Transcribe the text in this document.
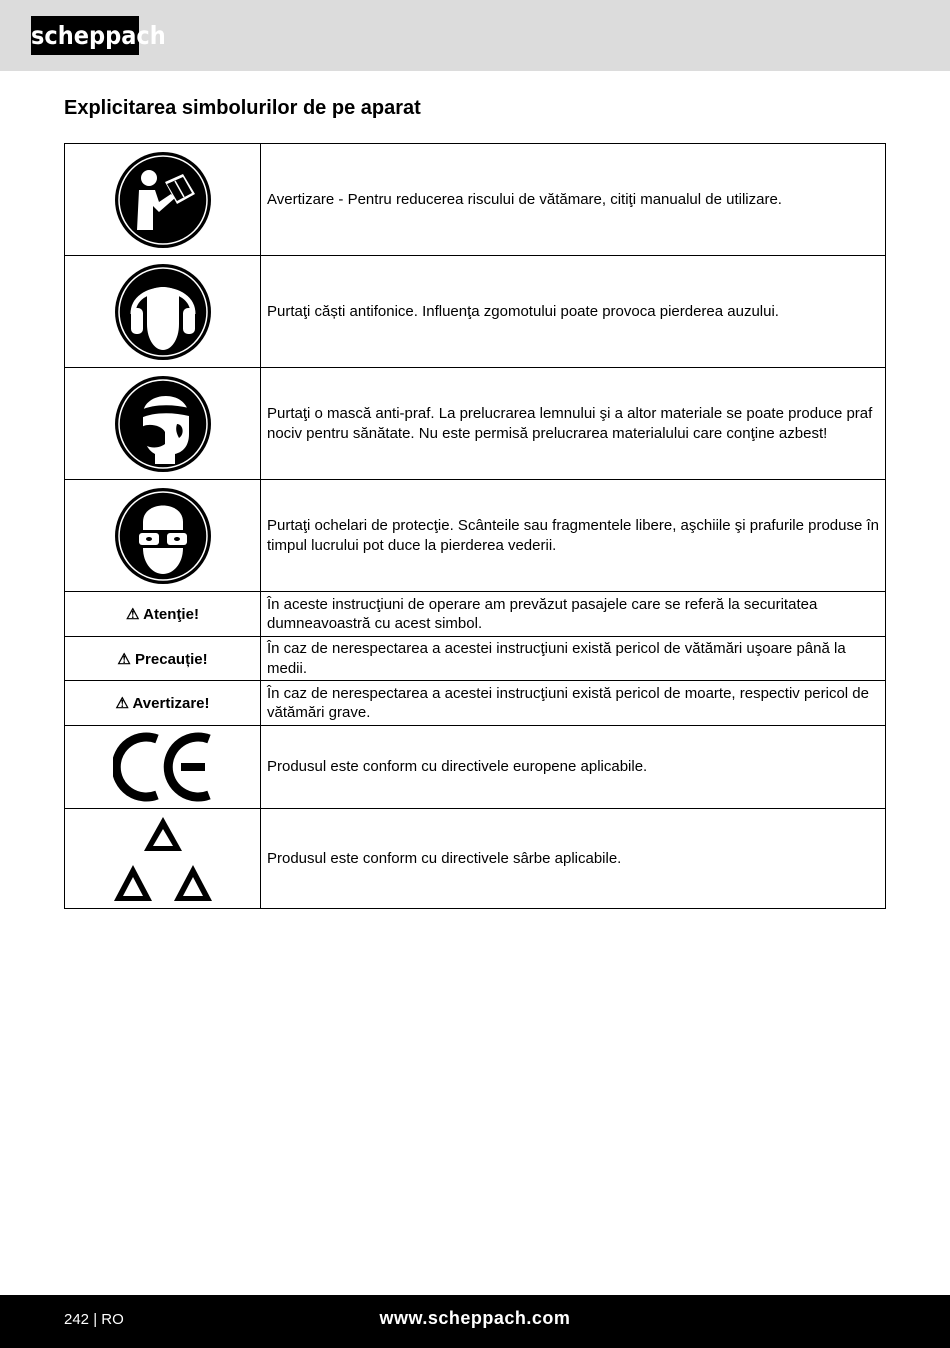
scheppach
Explicitarea simbolurilor de pe aparat
	Avertizare - Pentru reducerea riscului de vătămare, citiţi manualul de utilizare.

	Purtaţi căști antifonice. Influenţa zgomotului poate provoca pierderea auzului.

	Purtaţi o mască anti-praf. La prelucrarea lemnului şi a altor materiale se poate produce praf nociv pentru sănătate. Nu este permisă prelucrarea materialului care conţine azbest!

	Purtaţi ochelari de protecţie. Scânteile sau fragmentele libere, aşchiile şi prafurile produse în timpul lucrului pot duce la pierderea vederii.
⚠ Atenţie!	În aceste instrucţiuni de operare am prevăzut pasajele care se referă la securitatea dumneavoastră cu acest simbol.
⚠ Precauție!	În caz de nerespectarea a acestei instrucţiuni există pericol de vătămări uşoare până la medii.
⚠ Avertizare!	În caz de nerespectarea a acestei instrucţiuni există pericol de moarte, respectiv pericol de vătămări grave.

	Produsul este conform cu directivele europene aplicabile.

	Produsul este conform cu directivele sârbe aplicabile.
242 | RO	www.scheppach.com
